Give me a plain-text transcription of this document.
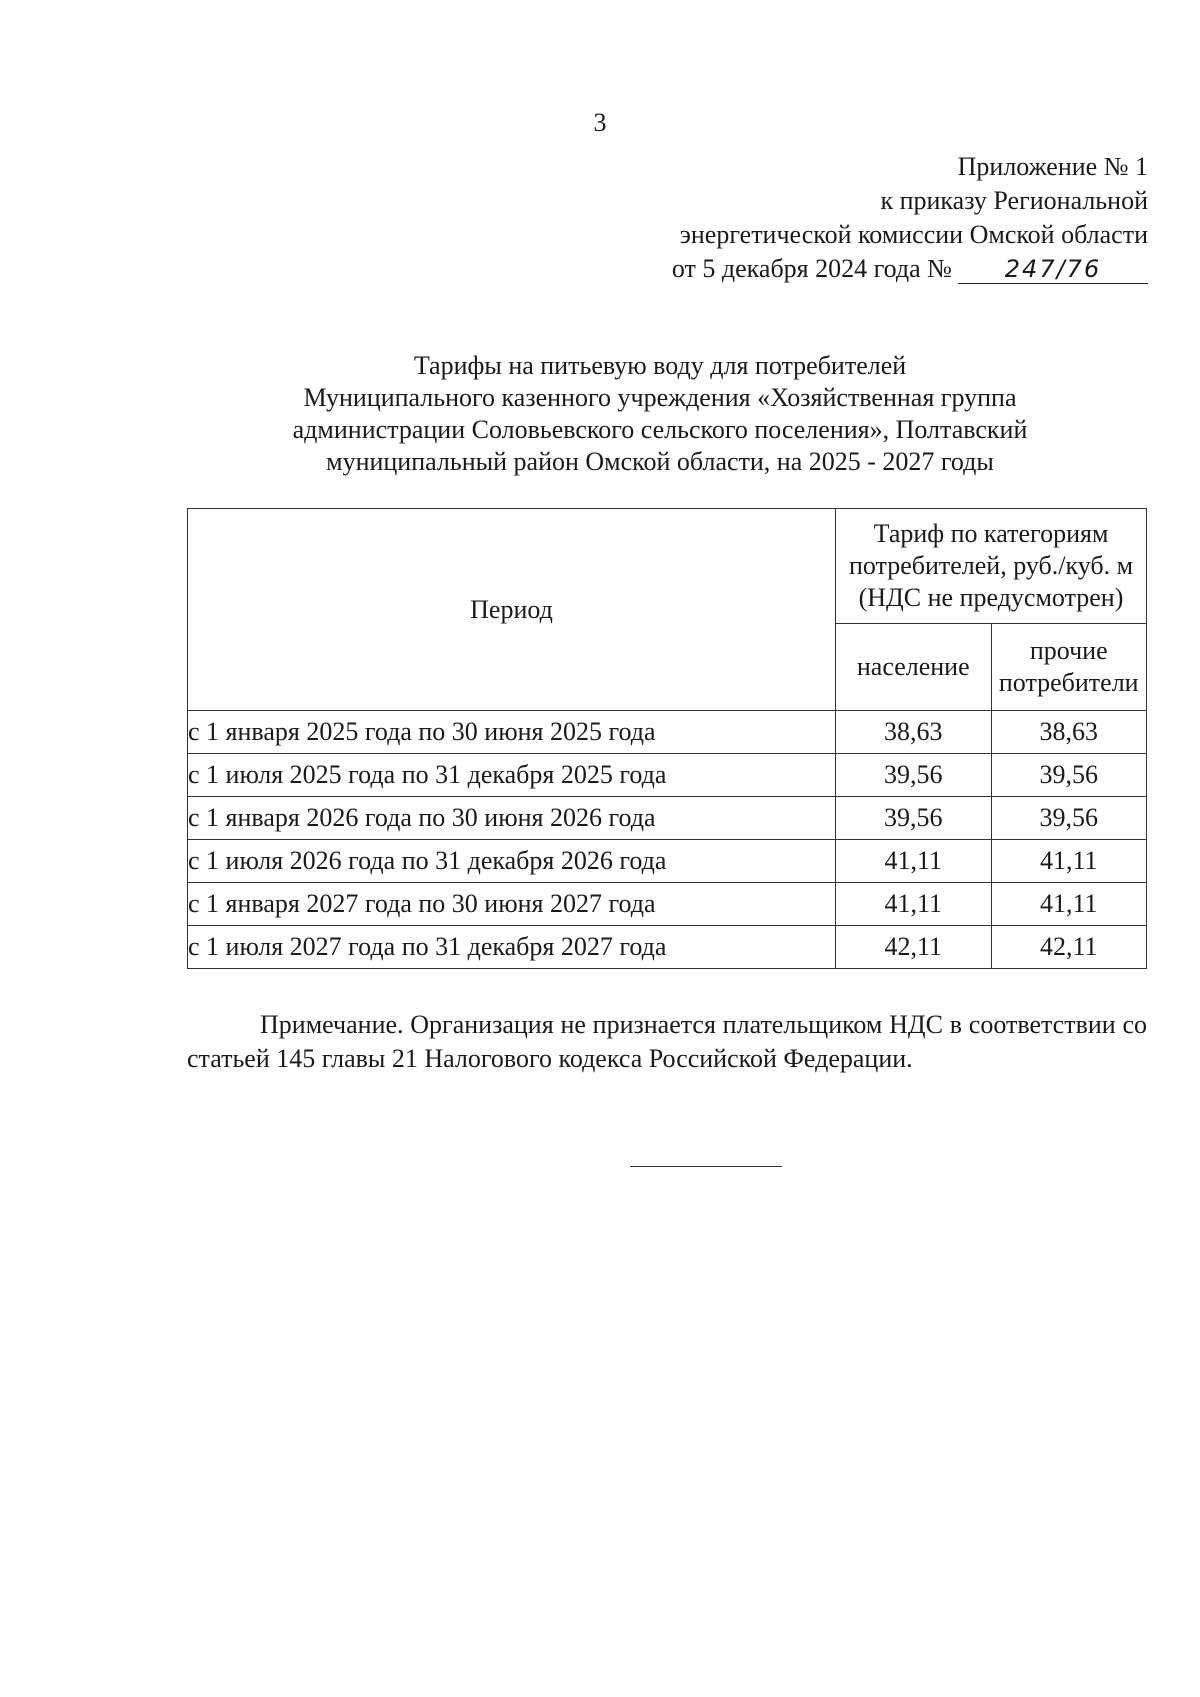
3
Приложение № 1
к приказу Региональной
энергетической комиссии Омской области
от 5 декабря 2024 года № 247/76
Тарифы на питьевую воду для потребителей
Муниципального казенного учреждения «Хозяйственная группа
администрации Соловьевского сельского поселения», Полтавский
муниципальный район Омской области, на 2025 - 2027 годы
Период	Тариф по категориям
потребителей, руб./куб. м
(НДС не предусмотрен)	

	население	прочие
потребители

с 1 января 2025 года по 30 июня 2025 года	38,63	38,63
с 1 июля 2025 года по 31 декабря 2025 года	39,56	39,56
с 1 января 2026 года по 30 июня 2026 года	39,56	39,56
с 1 июля 2026 года по 31 декабря 2026 года	41,11	41,11
с 1 января 2027 года по 30 июня 2027 года	41,11	41,11
с 1 июля 2027 года по 31 декабря 2027 года	42,11	42,11
Примечание. Организация не признается плательщиком НДС в соответствии со статьей 145 главы 21 Налогового кодекса Российской Федерации.
